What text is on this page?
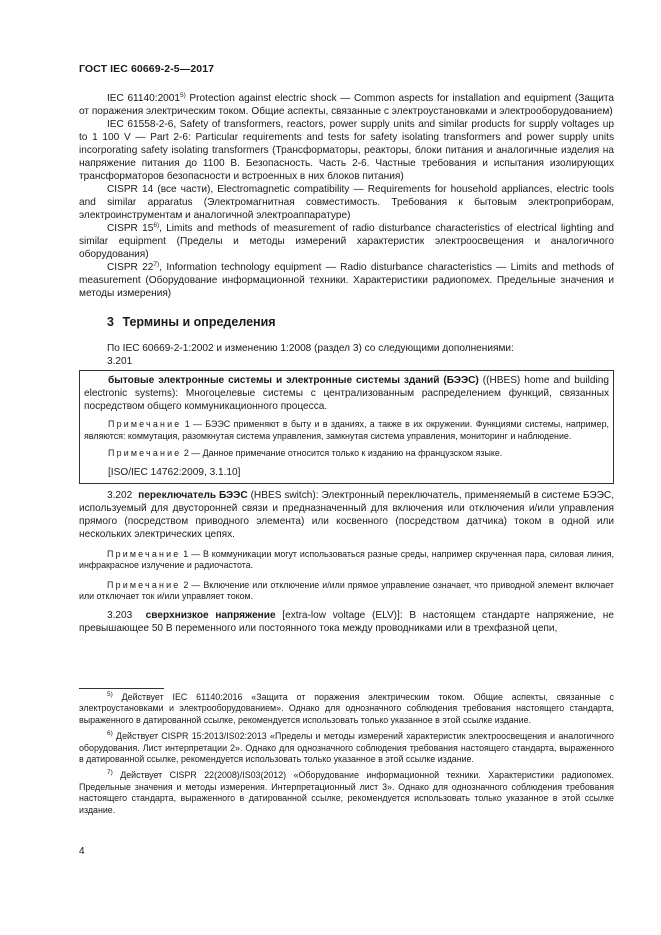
ГОСТ IEC 60669-2-5—2017

IEC 61140:2001$^{5)}$ Protection against electric shock — Common aspects for installation and equipment (Защита от поражения электрическим током. Общие аспекты, связанные с электроустановками и электрооборудованием)

IEC 61558-2-6, Safety of transformers, reactors, power supply units and similar products for supply voltages up to 1 100 V — Part 2-6: Particular requirements and tests for safety isolating transformers and power supply units incorporating safety isolating transformers (Трансформаторы, реакторы, блоки питания и аналогичные изделия на напряжение питания до 1100 В. Безопасность. Часть 2-6. Частные требования и испытания изолирующих трансформаторов безопасности и встроенных в них блоков питания)

CISPR 14 (все части), Electromagnetic compatibility — Requirements for household appliances, electric tools and similar apparatus (Электромагнитная совместимость. Требования к бытовым электроприборам, электроинструментам и аналогичной электроаппаратуре)

CISPR 15$^{6)}$, Limits and methods of measurement of radio disturbance characteristics of electrical lighting and similar equipment (Пределы и методы измерений характеристик электроосвещения и аналогичного оборудования)

CISPR 22$^{7)}$, Information technology equipment — Radio disturbance characteristics — Limits and methods of measurement (Оборудование информационной техники. Характеристики радиопомех. Предельные значения и методы измерения)

3 Термины и определения

По IEC 60669-2-1:2002 и изменению 1:2008 (раздел 3) со следующими дополнениями:

3.201

бытовые электронные системы и электронные системы зданий (БЭЭС) ((HBES) home and building electronic systems): Многоцелевые системы с централизованным распределением функций, связанных посредством общего коммуникационного процесса.

Примечание 1 — БЭЭС применяют в быту и в зданиях, а также в их окружении. Функциями системы, например, являются: коммутация, разомкнутая система управления, замкнутая система управления, мониторинг и наблюдение.

Примечание 2 — Данное примечание относится только к изданию на французском языке.

[ISO/IEC 14762:2009, 3.1.10]

3.202 переключатель БЭЭС (HBES switch): Электронный переключатель, применяемый в системе БЭЭС, используемый для двусторонней связи и предназначенный для включения или отключения и/или управления прямого (посредством приводного элемента) или косвенного (посредством датчика) током в одной или нескольких электрических цепях.

Примечание 1 — В коммуникации могут использоваться разные среды, например скрученная пара, силовая линия, инфракрасное излучение и радиочастота.

Примечание 2 — Включение или отключение и/или прямое управление означает, что приводной элемент включает или отключает ток и/или управляет током.

3.203 сверхнизкое напряжение [extra-low voltage (ELV)]: В настоящем стандарте напряжение, не превышающее 50 В переменного или постоянного тока между проводниками или в трехфазной цепи,

$^{5)}$ Действует IEC 61140:2016 «Защита от поражения электрическим током. Общие аспекты, связанные с электроустановками и электрооборудованием». Однако для однозначного соблюдения требования настоящего стандарта, выраженного в датированной ссылке, рекомендуется использовать только указанное в этой ссылке издание.

$^{6)}$ Действует CISPR 15:2013/IS02:2013 «Пределы и методы измерений характеристик электроосвещения и аналогичного оборудования. Лист интерпретации 2». Однако для однозначного соблюдения требования настоящего стандарта, выраженного в датированной ссылке, рекомендуется использовать только указанное в этой ссылке издание.

$^{7)}$ Действует CISPR 22(2008)/IS03(2012) «Оборудование информационной техники. Характеристики радиопомех. Предельные значения и методы измерения. Интерпретационный лист 3». Однако для однозначного соблюдения требования настоящего стандарта, выраженного в датированной ссылке, рекомендуется использовать только указанное в этой ссылке издание.

4
